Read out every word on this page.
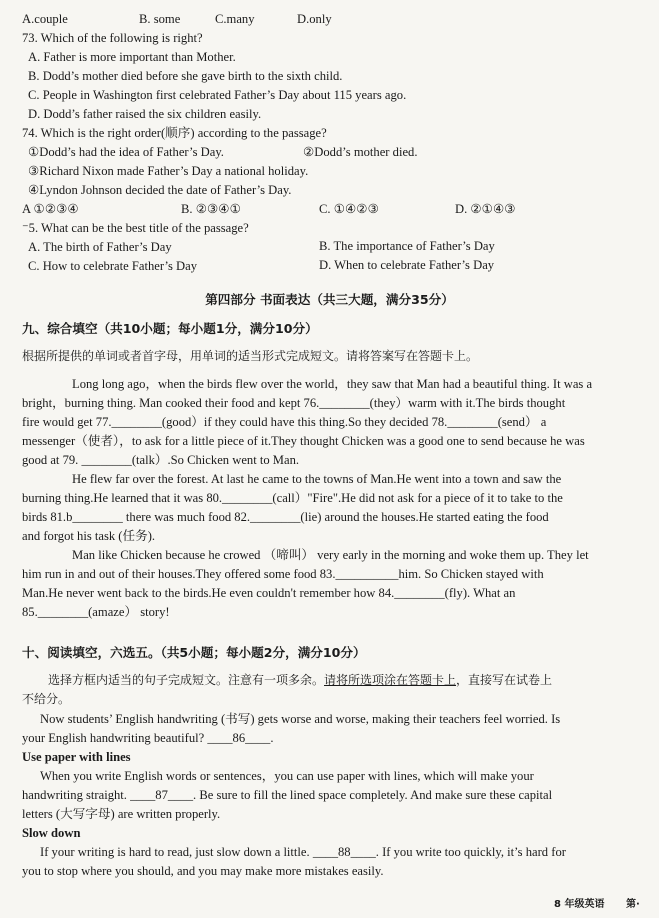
A.couple	B. some	C.many	D.only
73. Which of the following is right?
A. Father is more important than Mother.
B. Dodd’s mother died before she gave birth to the sixth child.
C. People in Washington first celebrated Father’s Day about 115 years ago.
D. Dodd’s father raised the six children easily.
74. Which is the right order(顺序) according to the passage?
①Dodd’s had the idea of Father’s Day.	②Dodd’s mother died.
③Richard Nixon made Father’s Day a national holiday.
④Lyndon Johnson decided the date of Father’s Day.
A ①②③④	B. ②③④①	C. ①④②③	D. ②①④③
⁻5. What can be the best title of the passage?
A. The birth of Father’s Day	B. The importance of Father’s Day
C. How to celebrate Father’s Day	D. When to celebrate Father’s Day
第四部分 书面表达（共三大题，满分35分）
九、综合填空（共10小题；每小题1分，满分10分）
根据所提供的单词或者首字母，用单词的适当形式完成短文。请将答案写在答题卡上。
Long long ago，when the birds flew over the world，they saw that Man had a beautiful thing. It was a
bright，burning thing. Man cooked their food and kept 76.________(they）warm with it.The birds thought
fire would get 77.________(good）if they could have this thing.So they decided 78.________(send） a
messenger（使者），to ask for a little piece of it.They thought Chicken was a good one to send because he was
good at 79. ________(talk）.So Chicken went to Man.
He flew far over the forest. At last he came to the towns of Man.He went into a town and saw the
burning thing.He learned that it was 80.________(call）"Fire".He did not ask for a piece of it to take to the
birds 81.b________ there was much food 82.________(lie) around the houses.He started eating the food
and forgot his task (任务).
Man like Chicken because he crowed （啼叫） very early in the morning and woke them up. They let
him run in and out of their houses.They offered some food 83.__________him. So Chicken stayed with
Man.He never went back to the birds.He even couldn't remember how 84.________(fly). What an
85.________(amaze） story!
十、阅读填空，六选五。（共5小题；每小题2分，满分10分）
选择方框内适当的句子完成短文。注意有一项多余。请将所选项涂在答题卡上，直接写在试卷上
不给分。
Now students’ English handwriting (书写) gets worse and worse, making their teachers feel worried. Is
your English handwriting beautiful? ____86____.
Use paper with lines
When you write English words or sentences，you can use paper with lines, which will make your
handwriting straight. ____87____. Be sure to fill the lined space completely. And make sure these capital
letters (大写字母) are written properly.
Slow down
If your writing is hard to read, just slow down a little. ____88____. If you write too quickly, it’s hard for
you to stop where you should, and you may make more mistakes easily.
8 年级英语 第·
